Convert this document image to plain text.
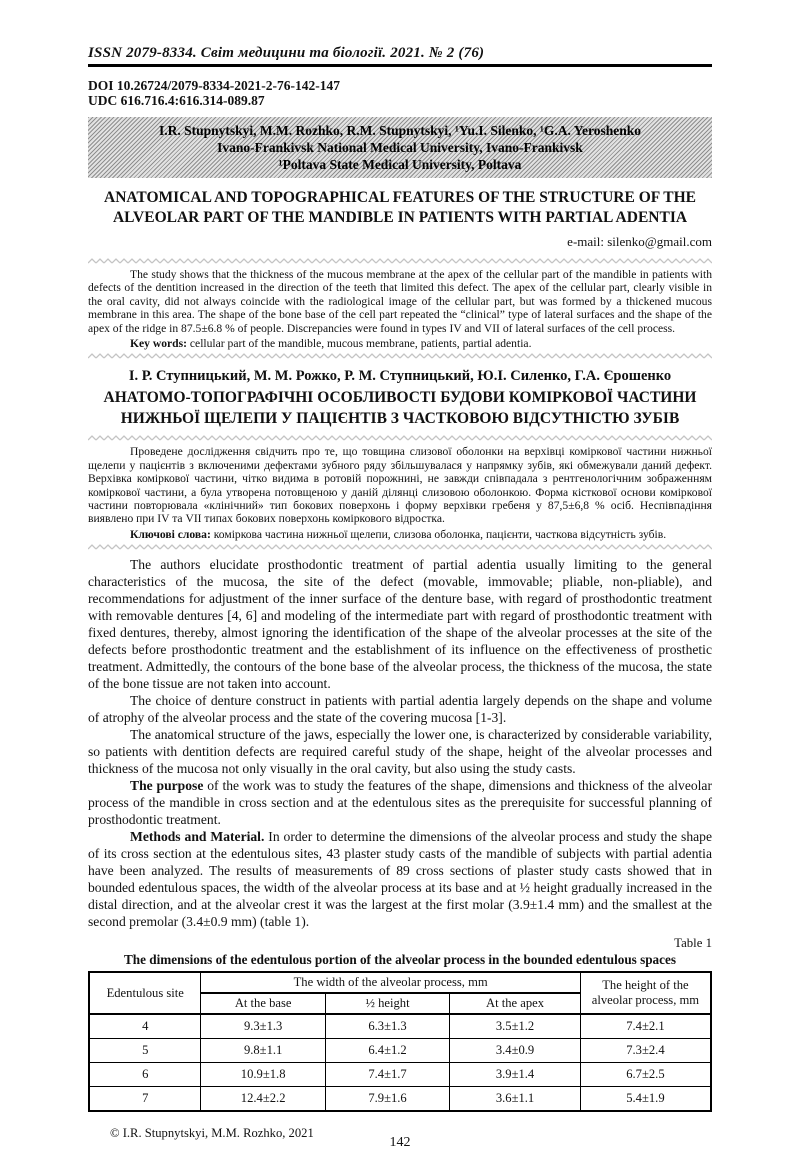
ISSN 2079-8334. Світ медицини та біології. 2021. № 2 (76)
DOI 10.26724/2079-8334-2021-2-76-142-147
UDC 616.716.4:616.314-089.87
I.R. Stupnytskyi, M.M. Rozhko, R.M. Stupnytskyi, ¹Yu.I. Silenko, ¹G.A. Yeroshenko
Ivano-Frankivsk National Medical University, Ivano-Frankivsk
¹Poltava State Medical University, Poltava
ANATOMICAL AND TOPOGRAPHICAL FEATURES OF THE STRUCTURE OF THE ALVEOLAR PART OF THE MANDIBLE IN PATIENTS WITH PARTIAL ADENTIA
e-mail: silenko@gmail.com
The study shows that the thickness of the mucous membrane at the apex of the cellular part of the mandible in patients with defects of the dentition increased in the direction of the teeth that limited this defect. The apex of the cellular part, clearly visible in the oral cavity, did not always coincide with the radiological image of the cellular part, but was formed by a thickened mucous membrane in this area. The shape of the bone base of the cell part repeated the “clinical” type of lateral surfaces and the shape of the apex of the ridge in 87.5±6.8 % of people. Discrepancies were found in types IV and VII of lateral surfaces of the cell process.
Key words: cellular part of the mandible, mucous membrane, patients, partial adentia.
І. Р. Ступницький, М. М. Рожко, Р. М. Ступницький, Ю.І. Силенко, Г.А. Єрошенко
АНАТОМО-ТОПОГРАФІЧНІ ОСОБЛИВОСТІ БУДОВИ КОМІРКОВОЇ ЧАСТИНИ НИЖНЬОЇ ЩЕЛЕПИ У ПАЦІЄНТІВ З ЧАСТКОВОЮ ВІДСУТНІСТЮ ЗУБІВ
Проведене дослідження свідчить про те, що товщина слизової оболонки на верхівці коміркової частини нижньої щелепи у пацієнтів з включеними дефектами зубного ряду збільшувалася у напрямку зубів, які обмежували даний дефект. Верхівка коміркової частини, чітко видима в ротовій порожнині, не завжди співпадала з рентгенологічним зображенням коміркової частини, а була утворена потовщеною у даній ділянці слизовою оболонкою. Форма кісткової основи коміркової частини повторювала «клінічний» тип бокових поверхонь і форму верхівки гребеня у 87,5±6,8 % осіб. Неспівпадіння виявлено при IV та VII типах бокових поверхонь коміркового відростка.
Ключові слова: коміркова частина нижньої щелепи, слизова оболонка, пацієнти, часткова відсутність зубів.

The authors elucidate prosthodontic treatment of partial adentia usually limiting to the general characteristics of the mucosa, the site of the defect (movable, immovable; pliable, non-pliable), and recommendations for adjustment of the inner surface of the denture base, with regard of prosthodontic treatment with removable dentures [4, 6] and modeling of the intermediate part with regard of prosthodontic treatment with fixed dentures, thereby, almost ignoring the identification of the shape of the alveolar processes at the site of the defects before prosthodontic treatment and the establishment of its influence on the effectiveness of prosthetic treatment. Admittedly, the contours of the bone base of the alveolar process, the thickness of the mucosa, the state of the bone tissue are not taken into account.

The choice of denture construct in patients with partial adentia largely depends on the shape and volume of atrophy of the alveolar process and the state of the covering mucosa [1-3].

The anatomical structure of the jaws, especially the lower one, is characterized by considerable variability, so patients with dentition defects are required careful study of the shape, height of the alveolar processes and thickness of the mucosa not only visually in the oral cavity, but also using the study casts.

The purpose of the work was to study the features of the shape, dimensions and thickness of the alveolar process of the mandible in cross section and at the edentulous sites as the prerequisite for successful planning of prosthodontic treatment.

Methods and Material. In order to determine the dimensions of the alveolar process and study the shape of its cross section at the edentulous sites, 43 plaster study casts of the mandible of subjects with partial adentia have been analyzed. The results of measurements of 89 cross sections of plaster study casts showed that in bounded edentulous spaces, the width of the alveolar process at its base and at ½ height gradually increased in the distal direction, and at the alveolar crest it was the largest at the first molar (3.9±1.4 mm) and the smallest at the second premolar (3.4±0.9 mm) (table 1).

Table 1
The dimensions of the edentulous portion of the alveolar process in the bounded edentulous spaces
Edentulous site	The width of the alveolar process, mm			The height of the alveolar process, mm
	At the base	½ height	At the apex	
4	9.3±1.3	6.3±1.3	3.5±1.2	7.4±2.1
5	9.8±1.1	6.4±1.2	3.4±0.9	7.3±2.4
6	10.9±1.8	7.4±1.7	3.9±1.4	6.7±2.5
7	12.4±2.2	7.9±1.6	3.6±1.1	5.4±1.9
© I.R. Stupnytskyi, M.M. Rozhko, 2021
142
